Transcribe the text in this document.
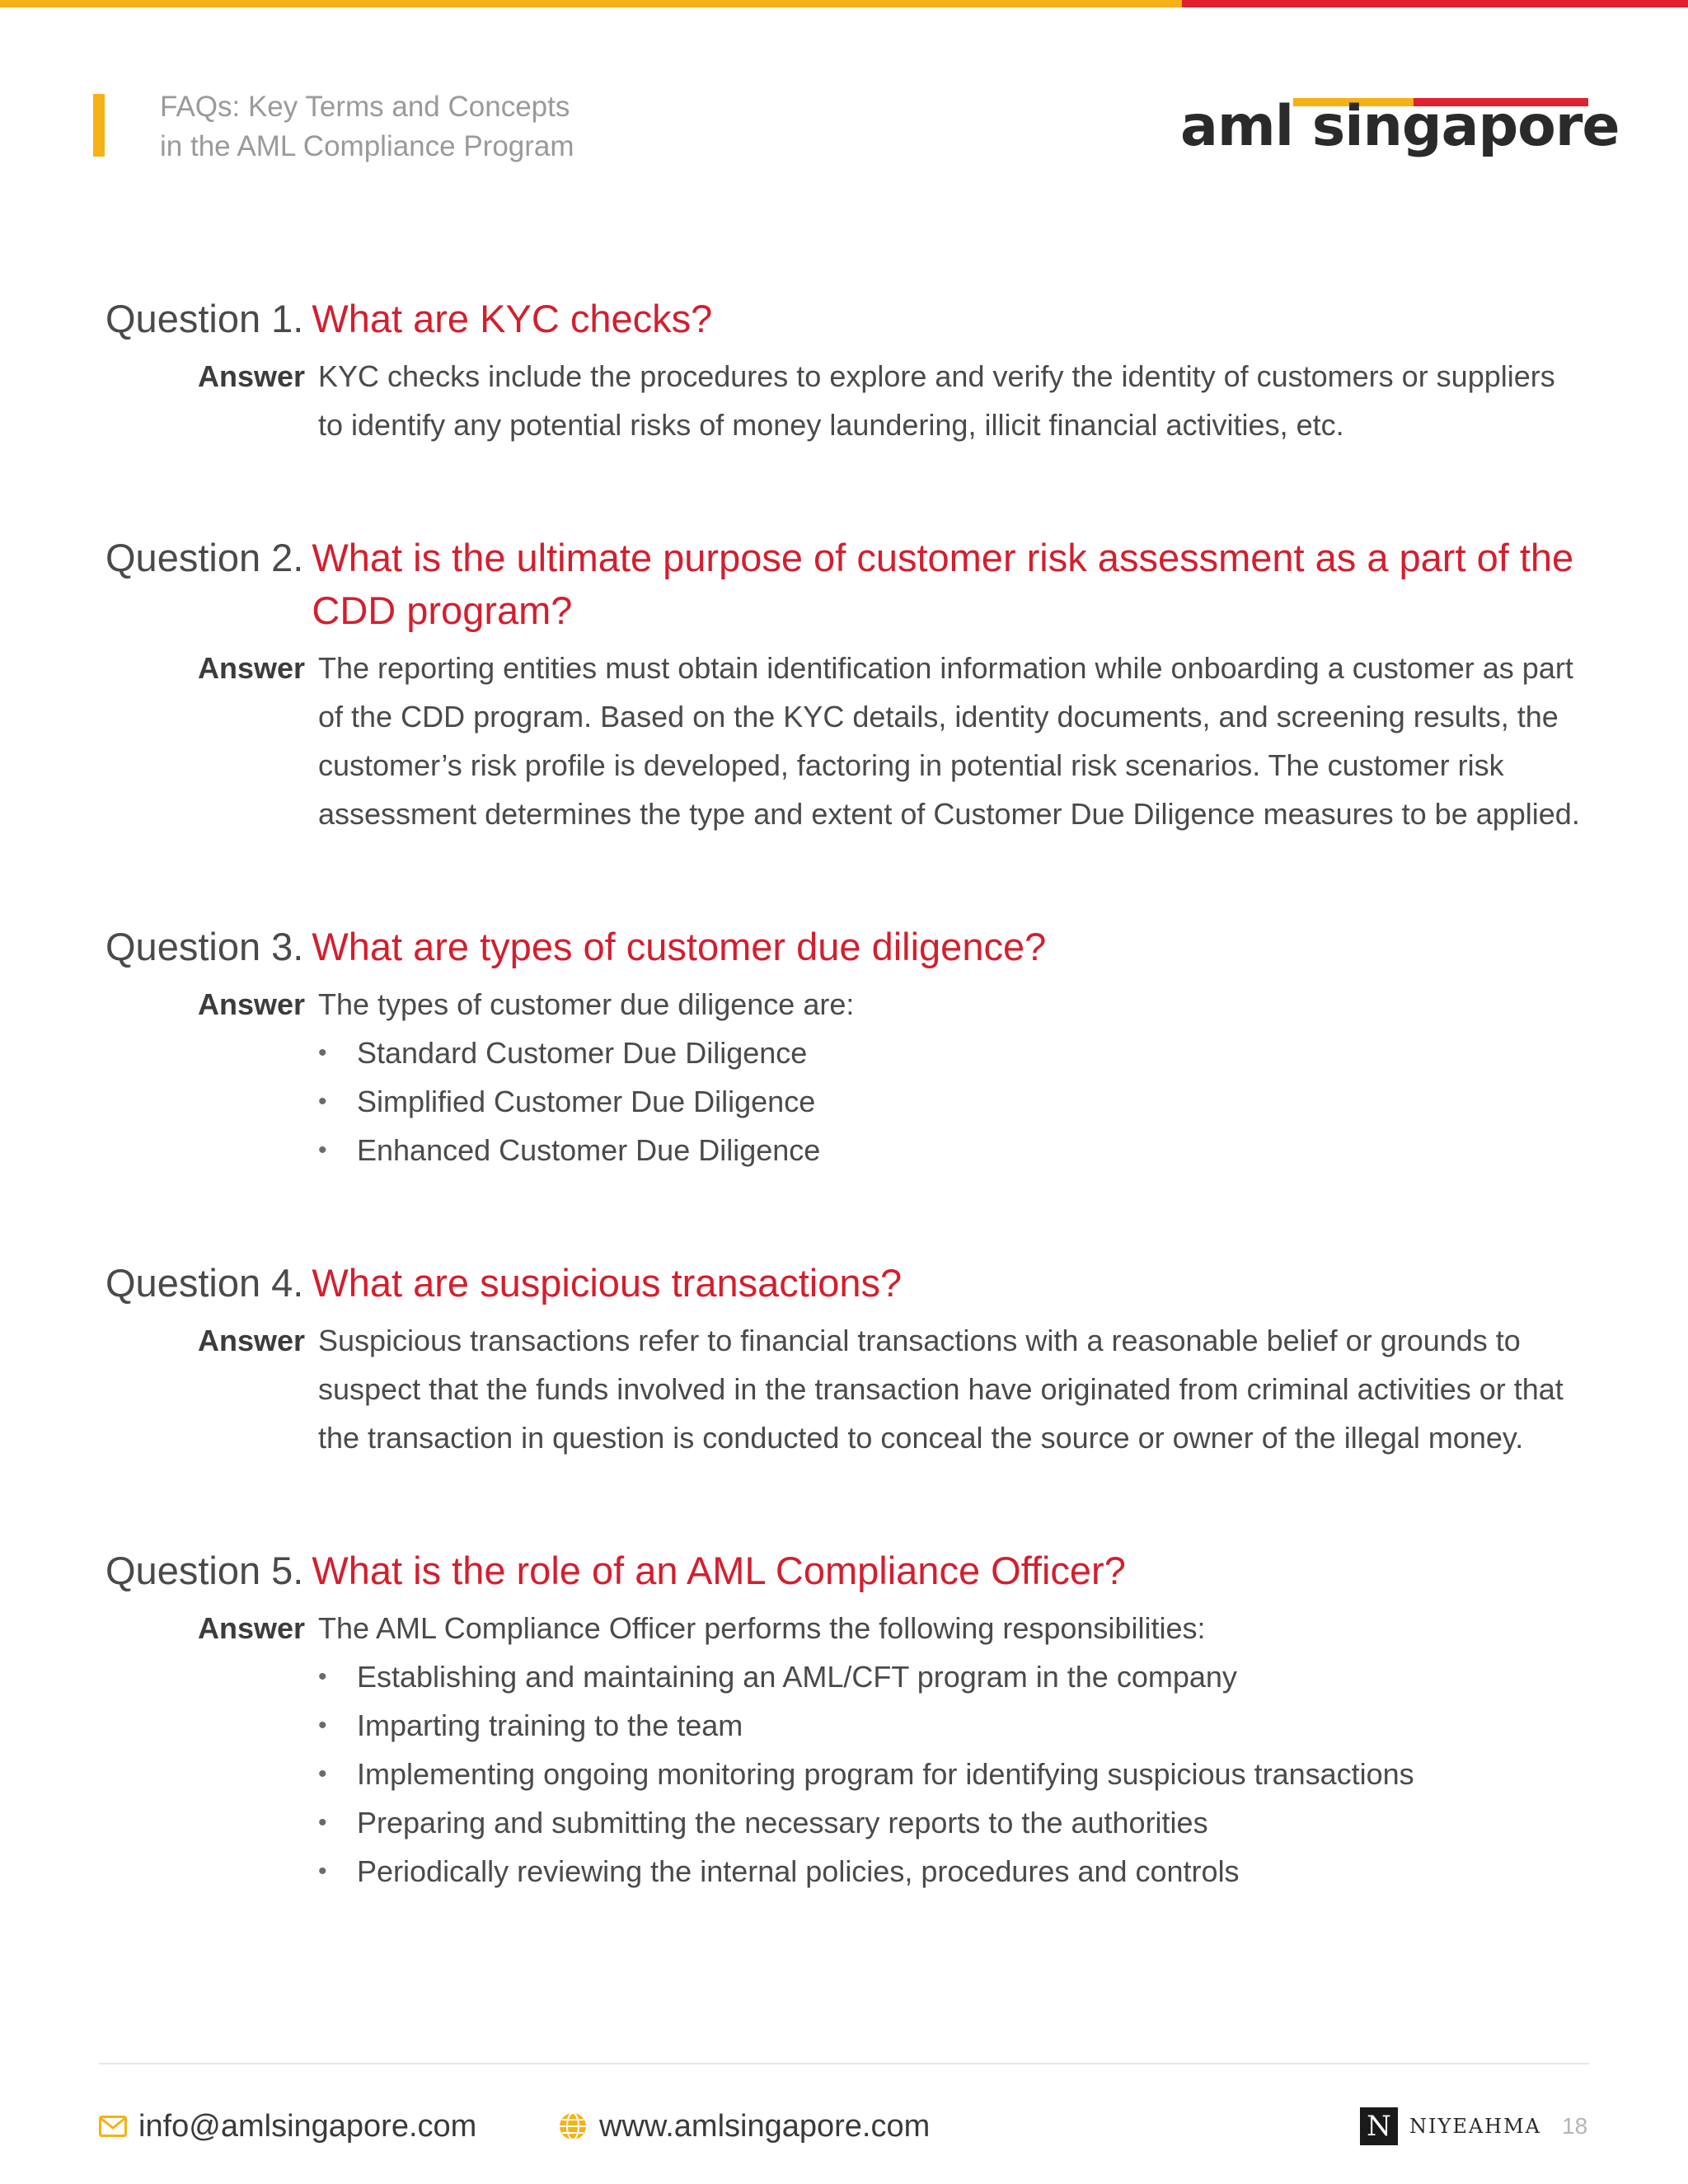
FAQs: Key Terms and Concepts
in the AML Compliance Program	aml singapore
Question 1. What are KYC checks?
Answer KYC checks include the procedures to explore and verify the identity of customers or suppliers to identify any potential risks of money laundering, illicit financial activities, etc.
Question 2. What is the ultimate purpose of customer risk assessment as a part of the CDD program?
Answer The reporting entities must obtain identification information while onboarding a customer as part of the CDD program. Based on the KYC details, identity documents, and screening results, the customer’s risk profile is developed, factoring in potential risk scenarios. The customer risk assessment determines the type and extent of Customer Due Diligence measures to be applied.
Question 3. What are types of customer due diligence?
Answer The types of customer due diligence are:
• Standard Customer Due Diligence
• Simplified Customer Due Diligence
• Enhanced Customer Due Diligence
Question 4. What are suspicious transactions?
Answer Suspicious transactions refer to financial transactions with a reasonable belief or grounds to suspect that the funds involved in the transaction have originated from criminal activities or that the transaction in question is conducted to conceal the source or owner of the illegal money.
Question 5. What is the role of an AML Compliance Officer?
Answer The AML Compliance Officer performs the following responsibilities:
• Establishing and maintaining an AML/CFT program in the company
• Imparting training to the team
• Implementing ongoing monitoring program for identifying suspicious transactions
• Preparing and submitting the necessary reports to the authorities
• Periodically reviewing the internal policies, procedures and controls
info@amlsingapore.com	www.amlsingapore.com	N NIYEAHMA 18
